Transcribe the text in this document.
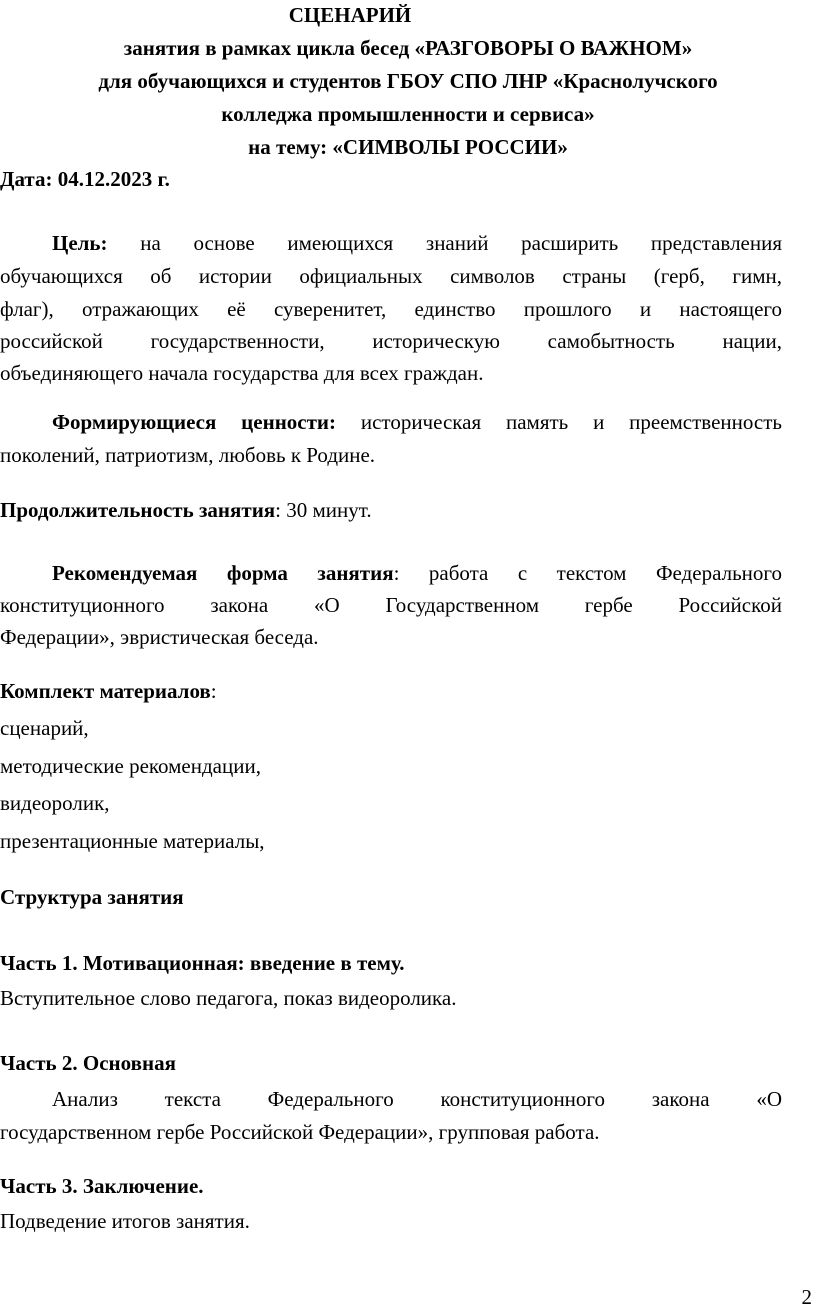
СЦЕНАРИЙ
занятия в рамках цикла бесед «РАЗГОВОРЫ О ВАЖНОМ»
для обучающихся и студентов ГБОУ СПО ЛНР «Краснолучского
колледжа промышленности и сервиса»
на тему: «СИМВОЛЫ РОССИИ»
Дата: 04.12.2023 г.
Цель: на основе имеющихся знаний расширить представления
обучающихся об истории официальных символов страны (герб, гимн,
флаг), отражающих её суверенитет, единство прошлого и настоящего
российской государственности, историческую самобытность нации,
объединяющего начала государства для всех граждан.
Формирующиеся ценности: историческая память и преемственность
поколений, патриотизм, любовь к Родине.
Продолжительность занятия: 30 минут.
Рекомендуемая форма занятия: работа с текстом Федерального
конституционного закона «О Государственном гербе Российской
Федерации», эвристическая беседа.
Комплект материалов:
сценарий,
методические рекомендации,
видеоролик,
презентационные материалы,
Структура занятия
Часть 1. Мотивационная: введение в тему.
Вступительное слово педагога, показ видеоролика.
Часть 2. Основная
Анализ текста Федерального конституционного закона «О
государственном гербе Российской Федерации», групповая работа.
Часть 3. Заключение.
Подведение итогов занятия.
2
